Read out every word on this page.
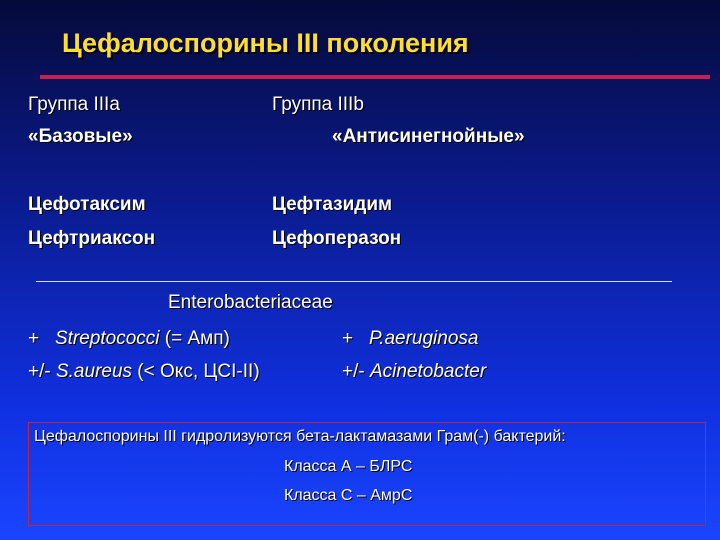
Цефалоспорины III поколения
Группа IIIa
«Базовые»
Цефотаксим
Цефтриаксон
Группа IIIb
«Антисинегнойные»
Цефтазидим
Цефоперазон
Enterobacteriaceae
+ Streptococci (= Амп)
+/- S.aureus (< Окс, ЦСI-II)
+ P.aeruginosa
+/- Acinetobacter
Цефалоспорины III гидролизуются бета-лактамазами Грам(-) бактерий:
Класса А – БЛРС
Класса С – АмрС
